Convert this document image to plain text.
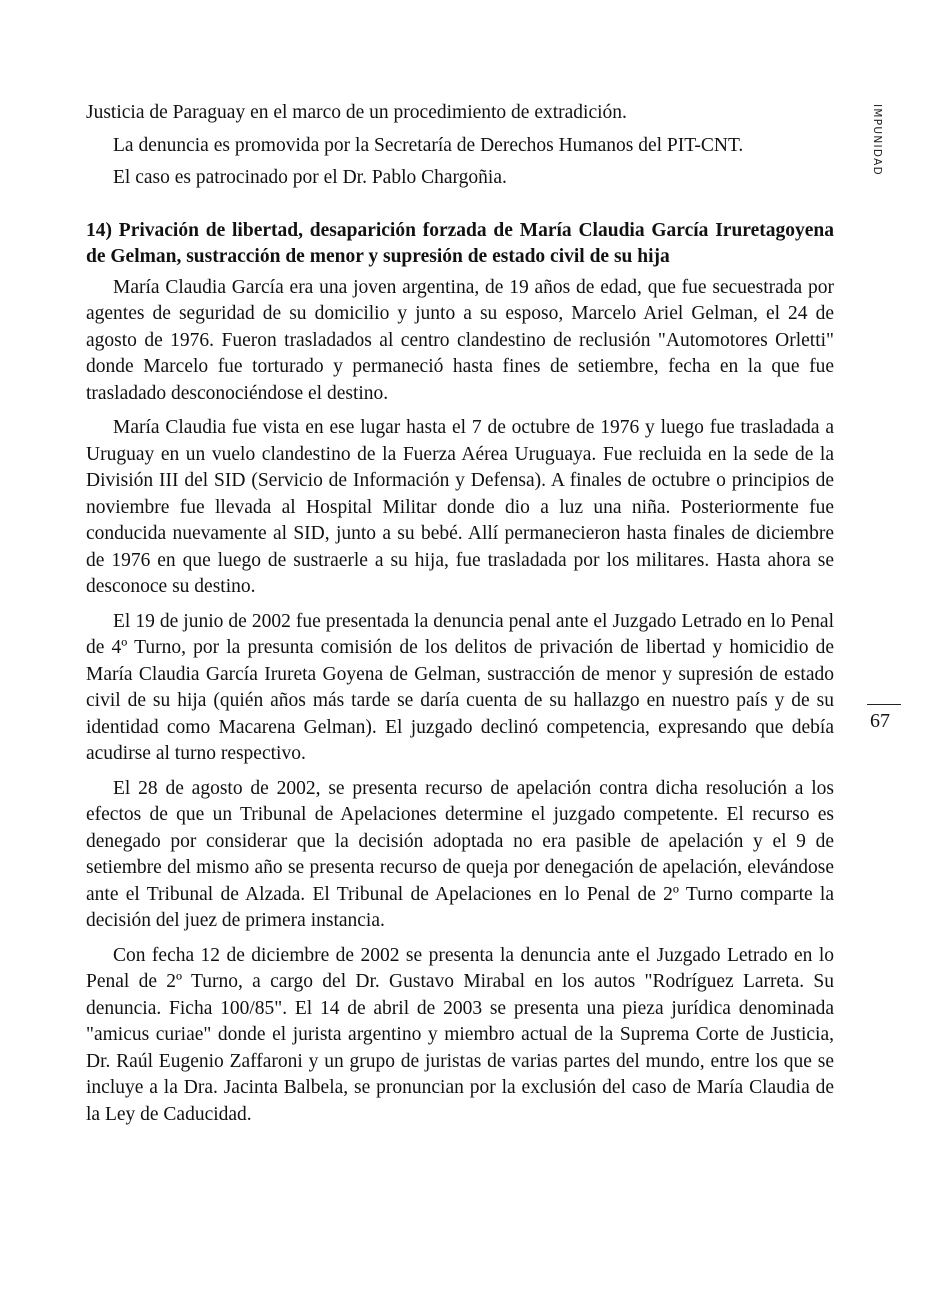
IMPUNIDAD
67

Justicia de Paraguay en el marco de un procedimiento de extradición.

La denuncia es promovida por la Secretaría de Derechos Humanos del PIT-CNT.

El caso es patrocinado por el Dr. Pablo Chargoñia.

14) Privación de libertad, desaparición forzada de María Claudia García Iruretagoyena de Gelman, sustracción de menor y supresión de estado civil de su hija

María Claudia García era una joven argentina, de 19 años de edad, que fue secuestrada por agentes de seguridad de su domicilio y junto a su esposo, Marcelo Ariel Gelman, el 24 de agosto de 1976. Fueron trasladados al centro clandestino de reclusión "Automotores Orletti" donde Marcelo fue torturado y permaneció hasta fines de setiembre, fecha en la que fue trasladado desconociéndose el destino.

María Claudia fue vista en ese lugar hasta el 7 de octubre de 1976 y luego fue trasladada a Uruguay en un vuelo clandestino de la Fuerza Aérea Uruguaya. Fue recluida en la sede de la División III del SID (Servicio de Información y Defensa). A finales de octubre o principios de noviembre fue llevada al Hospital Militar donde dio a luz una niña. Posteriormente fue conducida nuevamente al SID, junto a su bebé. Allí permanecieron hasta finales de diciembre de 1976 en que luego de sustraerle a su hija, fue trasladada por los militares. Hasta ahora se desconoce su destino.

El 19 de junio de 2002 fue presentada la denuncia penal ante el Juzgado Letrado en lo Penal de 4º Turno, por la presunta comisión de los delitos de privación de libertad y homicidio de María Claudia García Irureta Goyena de Gelman, sustracción de menor y supresión de estado civil de su hija (quién años más tarde se daría cuenta de su hallazgo en nuestro país y de su identidad como Macarena Gelman). El juzgado declinó competencia, expresando que debía acudirse al turno respectivo.

El 28 de agosto de 2002, se presenta recurso de apelación contra dicha resolución a los efectos de que un Tribunal de Apelaciones determine el juzgado competente. El recurso es denegado por considerar que la decisión adoptada no era pasible de apelación y el 9 de setiembre del mismo año se presenta recurso de queja por denegación de apelación, elevándose ante el Tribunal de Alzada. El Tribunal de Apelaciones en lo Penal de 2º Turno comparte la decisión del juez de primera instancia.

Con fecha 12 de diciembre de 2002 se presenta la denuncia ante el Juzgado Letrado en lo Penal de 2º Turno, a cargo del Dr. Gustavo Mirabal en los autos "Rodríguez Larreta. Su denuncia. Ficha 100/85". El 14 de abril de 2003 se presenta una pieza jurídica denominada "amicus curiae" donde el jurista argentino y miembro actual de la Suprema Corte de Justicia, Dr. Raúl Eugenio Zaffaroni y un grupo de juristas de varias partes del mundo, entre los que se incluye a la Dra. Jacinta Balbela, se pronuncian por la exclusión del caso de María Claudia de la Ley de Caducidad.
